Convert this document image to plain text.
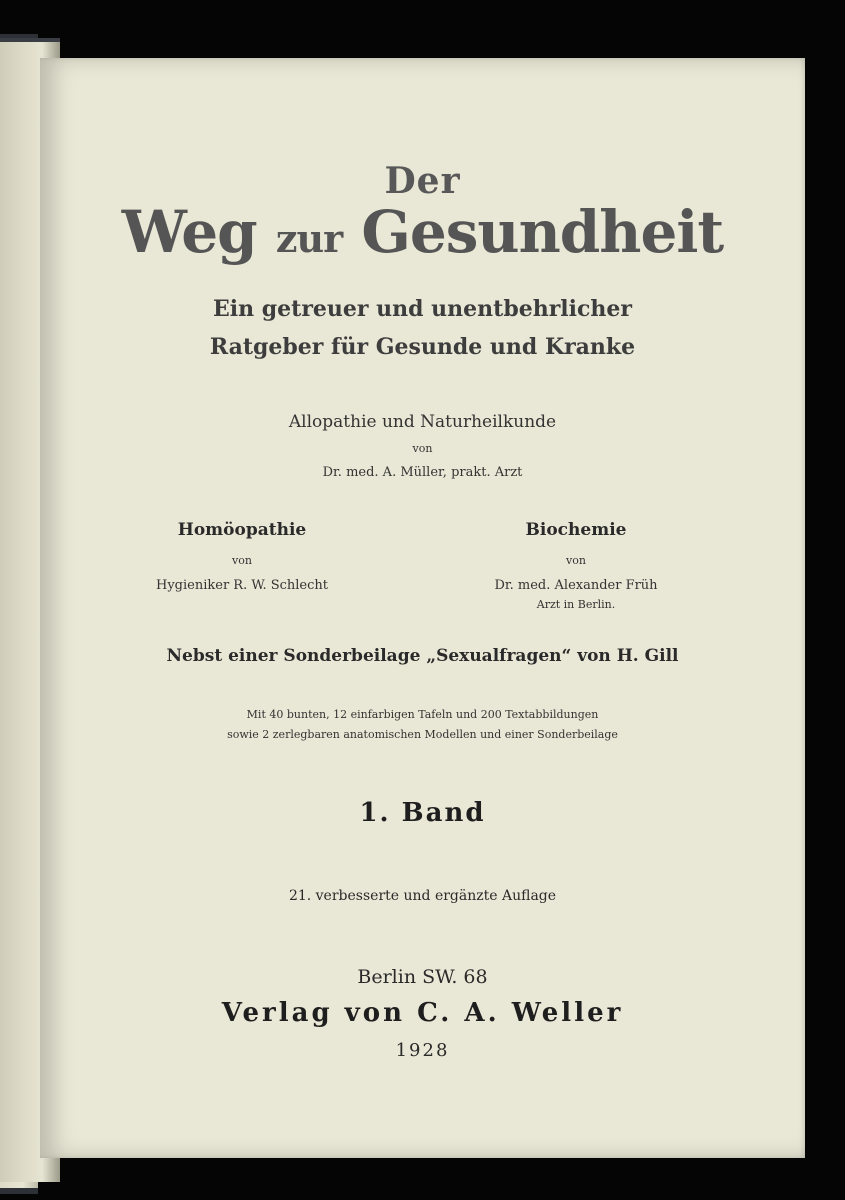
Der
Weg zur Gesundheit
Ein getreuer und unentbehrlicher
Ratgeber für Gesunde und Kranke
Allopathie und Naturheilkunde
von
Dr. med. A. Müller, prakt. Arzt
Homöopathie
von
Hygieniker R. W. Schlecht
Biochemie
von
Dr. med. Alexander Früh
Arzt in Berlin.
Nebst einer Sonderbeilage „Sexualfragen“ von H. Gill
Mit 40 bunten, 12 einfarbigen Tafeln und 200 Textabbildungen
sowie 2 zerlegbaren anatomischen Modellen und einer Sonderbeilage
1. Band
21. verbesserte und ergänzte Auflage
Berlin SW. 68
Verlag von C. A. Weller
1928
